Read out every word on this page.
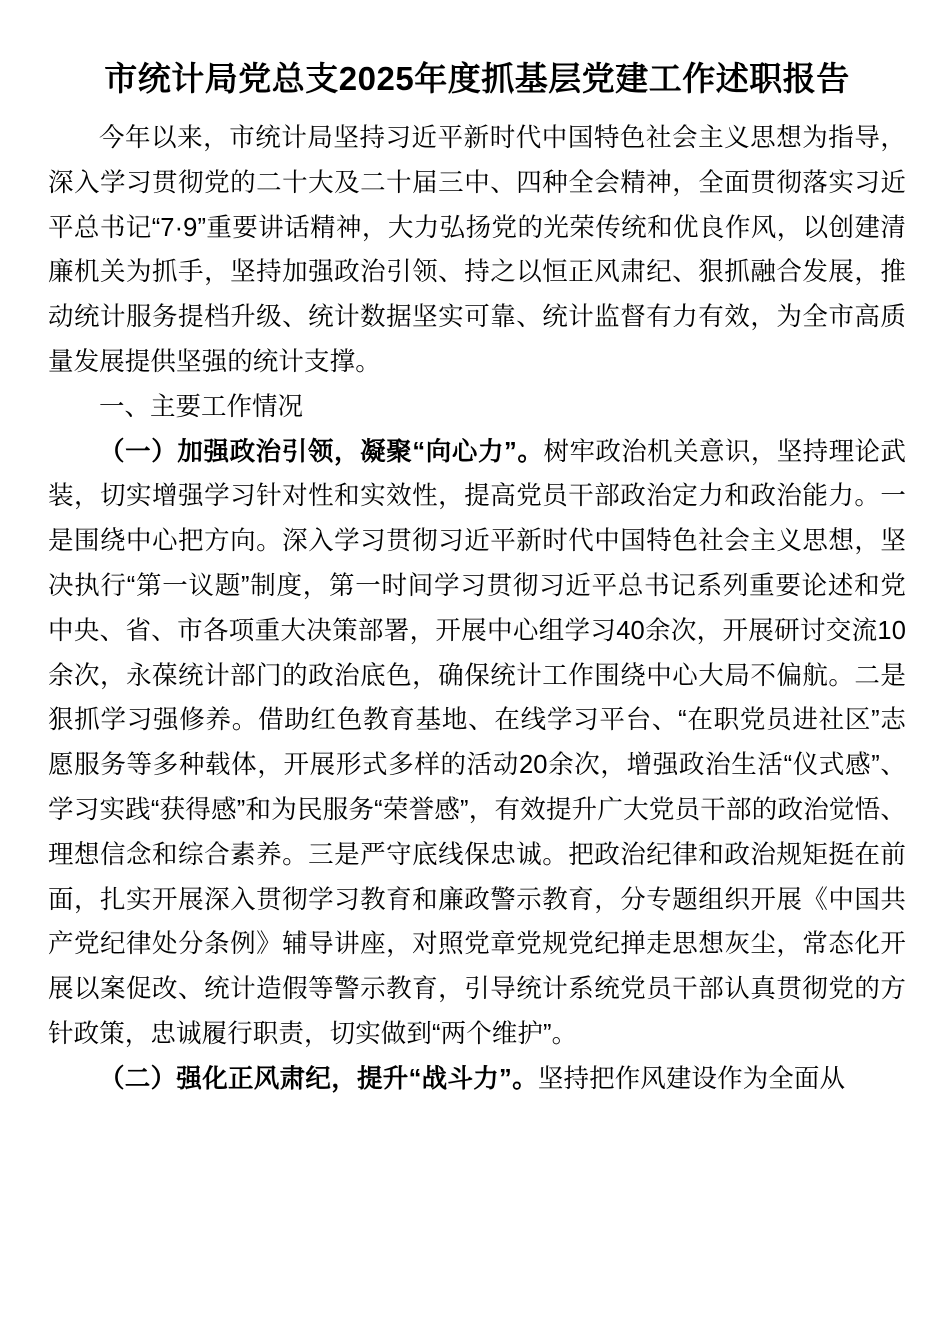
市统计局党总支2025年度抓基层党建工作述职报告

今年以来，市统计局坚持习近平新时代中国特色社会主义思想为指导，深入学习贯彻党的二十大及二十届三中、四种全会精神，全面贯彻落实习近平总书记“7·9”重要讲话精神，大力弘扬党的光荣传统和优良作风，以创建清廉机关为抓手，坚持加强政治引领、持之以恒正风肃纪、狠抓融合发展，推动统计服务提档升级、统计数据坚实可靠、统计监督有力有效，为全市高质量发展提供坚强的统计支撑。

一、主要工作情况

（一）加强政治引领，凝聚“向心力”。树牢政治机关意识，坚持理论武装，切实增强学习针对性和实效性，提高党员干部政治定力和政治能力。一是围绕中心把方向。深入学习贯彻习近平新时代中国特色社会主义思想，坚决执行“第一议题”制度，第一时间学习贯彻习近平总书记系列重要论述和党中央、省、市各项重大决策部署，开展中心组学习40余次，开展研讨交流10余次，永葆统计部门的政治底色，确保统计工作围绕中心大局不偏航。二是狠抓学习强修养。借助红色教育基地、在线学习平台、“在职党员进社区”志愿服务等多种载体，开展形式多样的活动20余次，增强政治生活“仪式感”、学习实践“获得感”和为民服务“荣誉感”，有效提升广大党员干部的政治觉悟、理想信念和综合素养。三是严守底线保忠诚。把政治纪律和政治规矩挺在前面，扎实开展深入贯彻学习教育和廉政警示教育，分专题组织开展《中国共产党纪律处分条例》辅导讲座，对照党章党规党纪掸走思想灰尘，常态化开展以案促改、统计造假等警示教育，引导统计系统党员干部认真贯彻党的方针政策，忠诚履行职责，切实做到“两个维护”。

（二）强化正风肃纪，提升“战斗力”。坚持把作风建设作为全面从
